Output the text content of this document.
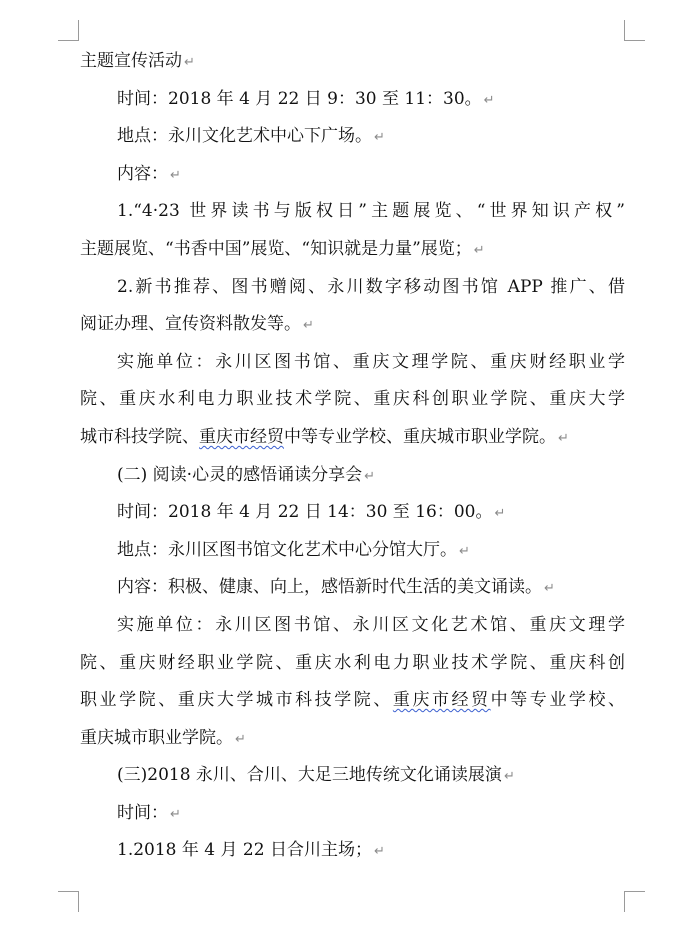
主题宣传活动 ↵
时间：2018 年 4 月 22 日 9：30 至 11：30。 ↵
地点：永川文化艺术中心下广场。 ↵
内容： ↵
1.“4·23 世界读书与版权日”主题展览、“世界知识产权”
主题展览、“书香中国”展览、“知识就是力量”展览； ↵
2.新书推荐、图书赠阅、永川数字移动图书馆 APP 推广、借
阅证办理、宣传资料散发等。 ↵
实施单位：永川区图书馆、重庆文理学院、重庆财经职业学
院、重庆水利电力职业技术学院、重庆科创职业学院、重庆大学
城市科技学院、重庆市经贸中等专业学校、重庆城市职业学院。 ↵
(二) 阅读·心灵的感悟诵读分享会 ↵
时间：2018 年 4 月 22 日 14：30 至 16：00。 ↵
地点：永川区图书馆文化艺术中心分馆大厅。 ↵
内容：积极、健康、向上，感悟新时代生活的美文诵读。 ↵
实施单位：永川区图书馆、永川区文化艺术馆、重庆文理学
院、重庆财经职业学院、重庆水利电力职业技术学院、重庆科创
职业学院、重庆大学城市科技学院、重庆市经贸中等专业学校、
重庆城市职业学院。 ↵
(三)2018 永川、合川、大足三地传统文化诵读展演 ↵
时间： ↵
1.2018 年 4 月 22 日合川主场； ↵
